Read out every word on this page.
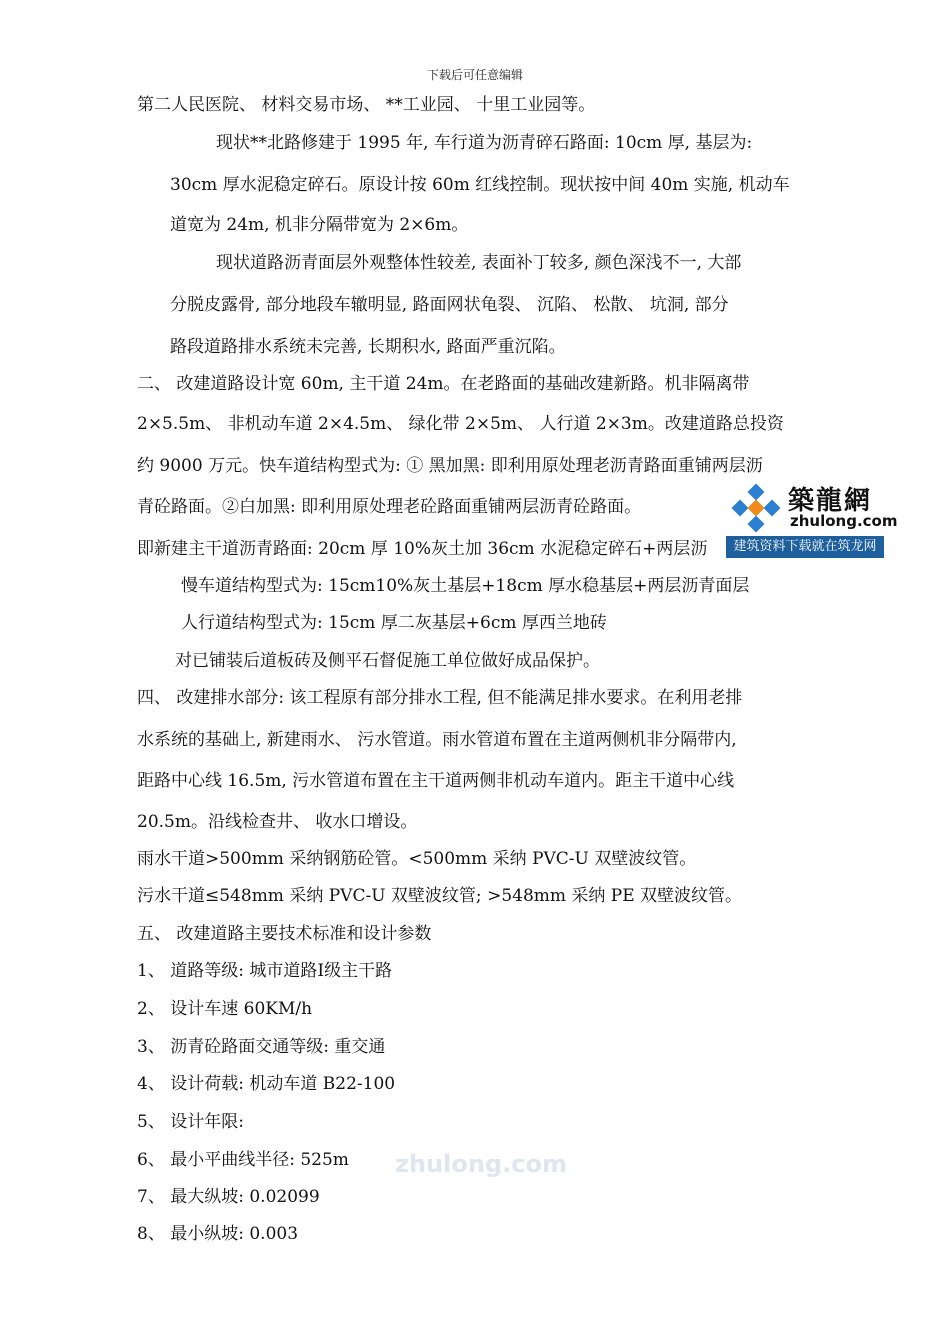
下载后可任意编辑
第二人民医院、 材料交易市场、 **工业园、 十里工业园等。
现状**北路修建于 1995 年, 车行道为沥青碎石路面: 10cm 厚, 基层为:
30cm 厚水泥稳定碎石。原设计按 60m 红线控制。现状按中间 40m 实施, 机动车
道宽为 24m, 机非分隔带宽为 2×6m。
现状道路沥青面层外观整体性较差, 表面补丁较多, 颜色深浅不一, 大部
分脱皮露骨, 部分地段车辙明显, 路面网状龟裂、 沉陷、 松散、 坑洞, 部分
路段道路排水系统未完善, 长期积水, 路面严重沉陷。
二、 改建道路设计宽 60m, 主干道 24m。在老路面的基础改建新路。机非隔离带
2×5.5m、 非机动车道 2×4.5m、 绿化带 2×5m、 人行道 2×3m。改建道路总投资
约 9000 万元。快车道结构型式为: ① 黑加黑: 即利用原处理老沥青路面重铺两层沥
青砼路面。②白加黑: 即利用原处理老砼路面重铺两层沥青砼路面。
即新建主干道沥青路面: 20cm 厚 10%灰土加 36cm 水泥稳定碎石+两层沥
慢车道结构型式为: 15cm10%灰土基层+18cm 厚水稳基层+两层沥青面层
人行道结构型式为: 15cm 厚二灰基层+6cm 厚西兰地砖
对已铺装后道板砖及侧平石督促施工单位做好成品保护。
四、 改建排水部分: 该工程原有部分排水工程, 但不能满足排水要求。在利用老排
水系统的基础上, 新建雨水、 污水管道。雨水管道布置在主道两侧机非分隔带内,
距路中心线 16.5m, 污水管道布置在主干道两侧非机动车道内。距主干道中心线
20.5m。沿线检查井、 收水口增设。
雨水干道>500mm 采纳钢筋砼管。<500mm 采纳 PVC-U 双壁波纹管。
污水干道≤548mm 采纳 PVC-U 双壁波纹管; >548mm 采纳 PE 双壁波纹管。
五、 改建道路主要技术标准和设计参数
1、 道路等级: 城市道路Ⅰ级主干路
2、 设计车速 60KM/h
3、 沥青砼路面交通等级: 重交通
4、 设计荷载: 机动车道 B22-100
5、 设计年限:
6、 最小平曲线半径: 525m
7、 最大纵坡: 0.02099
8、 最小纵坡: 0.003
zhulong.com
築龍網
zhulong.com
建筑资料下载就在筑龙网
